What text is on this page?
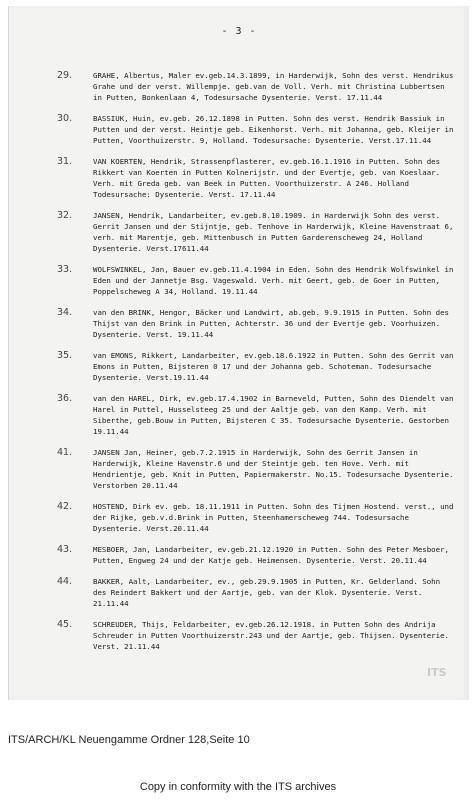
- 3 -
29.	GRAHE, Albertus, Maler ev.geb.14.3.1899, in Harderwijk, Sohn des verst. Hendrikus Grahe und der verst. Willempje. geb.van de Voll. Verh. mit Christina Lubbertsen in Putten, Bonkenlaan 4, Todesursache Dysenterie. Verst. 17.11.44
30.	BASSIUK, Huin, ev.geb. 26.12.1898 in Putten. Sohn des verst. Hendrik Bassiuk in Putten und der verst. Heintje geb. Eikenhorst. Verh. mit Johanna, geb. Kleijer in Putten, Voorthuizerstr. 9, Holland. Todesursache: Dysenterie. Verst.17.11.44
31.	VAN KOERTEN, Hendrik, Strassenpflasterer, ev.geb.16.1.1916 in Putten. Sohn des Rikkert van Koerten in Putten Kolnerijstr. und der Evertje, geb. van Koeslaar. Verh. mit Greda geb. van Beek in Putten. Voorthuizerstr. A 246. Holland Todesursache: Dysenterie. Verst. 17.11.44
32.	JANSEN, Hendrik, Landarbeiter, ev.geb.8.10.1909. in Harderwijk Sohn des verst. Gerrit Jansen und der Stijntje, geb. Tenhove in Harderwijk, Kleine Havenstraat 6, verh. mit Marentje, geb. Mittenbusch in Putten Garderenscheweg 24, Holland Dysenterie. Verst.17611.44
33.	WOLFSWINKEL, Jan, Bauer ev.geb.11.4.1904 in Eden. Sohn des Hendrik Wolfswinkel in Eden und der Jannetje Bsg. Vageswald. Verh. mit Geert, geb. de Goer in Putten, Poppelscheweg A 34, Holland. 19.11.44
34.	van den BRINK, Hengor, Bäcker und Landwirt, ab.geb. 9.9.1915 in Putten. Sohn des Thijst van den Brink in Putten, Achterstr. 36 und der Evertje geb. Voorhuizen. Dysenterie. Verst. 19.11.44
35.	van EMONS, Rikkert, Landarbeiter, ev.geb.18.6.1922 in Putten. Sohn des Gerrit van Emons in Putten, Bijsteren 0 17 und der Johanna geb. Schoteman. Todesursache Dysenterie. Verst.19.11.44
36.	van den HAREL, Dirk, ev.geb.17.4.1902 in Barneveld, Putten, Sohn des Diendelt van Harel in Puttel, Husselsteeg 25 und der Aaltje geb. van den Kamp. Verh. mit Siberthe, geb.Bouw in Putten, Bijsteren C 35. Todesursache Dysenterie. Gestorben 19.11.44
41.	JANSEN Jan, Heiner, geb.7.2.1915 in Harderwijk, Sohn des Gerrit Jansen in Harderwijk, Kleine Havenstr.6 und der Steintje geb. ten Hove. Verh. mit Hendrientje, geb. Knit in Putten, Papiermakerstr. No.15. Todesursache Dysenterie. Verstorben 20.11.44
42.	HOSTEND, Dirk ev. geb. 18.11.1911 in Putten. Sohn des Tijmen Hostend. verst., und der Rijke, geb.v.d.Brink in Putten, Steenhamerscheweg 744. Todesursache Dysenterie. Verst.20.11.44
43.	MESBOER, Jan, Landarbeiter, ev.geb.21.12.1920 in Putten. Sohn des Peter Mesboer, Putten, Engweg 24 und der Katje geb. Heimensen. Dysenterie. Verst. 20.11.44
44.	BAKKER, Aalt, Landarbeiter, ev., geb.29.9.1905 in Putten, Kr. Gelderland. Sohn des Reindert Bakkert und der Aartje, geb. van der Klok. Dysenterie. Verst. 21.11.44
45.	SCHREUDER, Thijs, Feldarbeiter, ev.geb.26.12.1918. in Putten Sohn des Andrija Schreuder in Putten Voorthuizerstr.243 und der Aartje, geb. Thijsen. Dysenterie. Verst. 21.11.44
ITS
ITS/ARCH/KL Neuengamme Ordner 128,Seite 10
Copy in conformity with the ITS archives
